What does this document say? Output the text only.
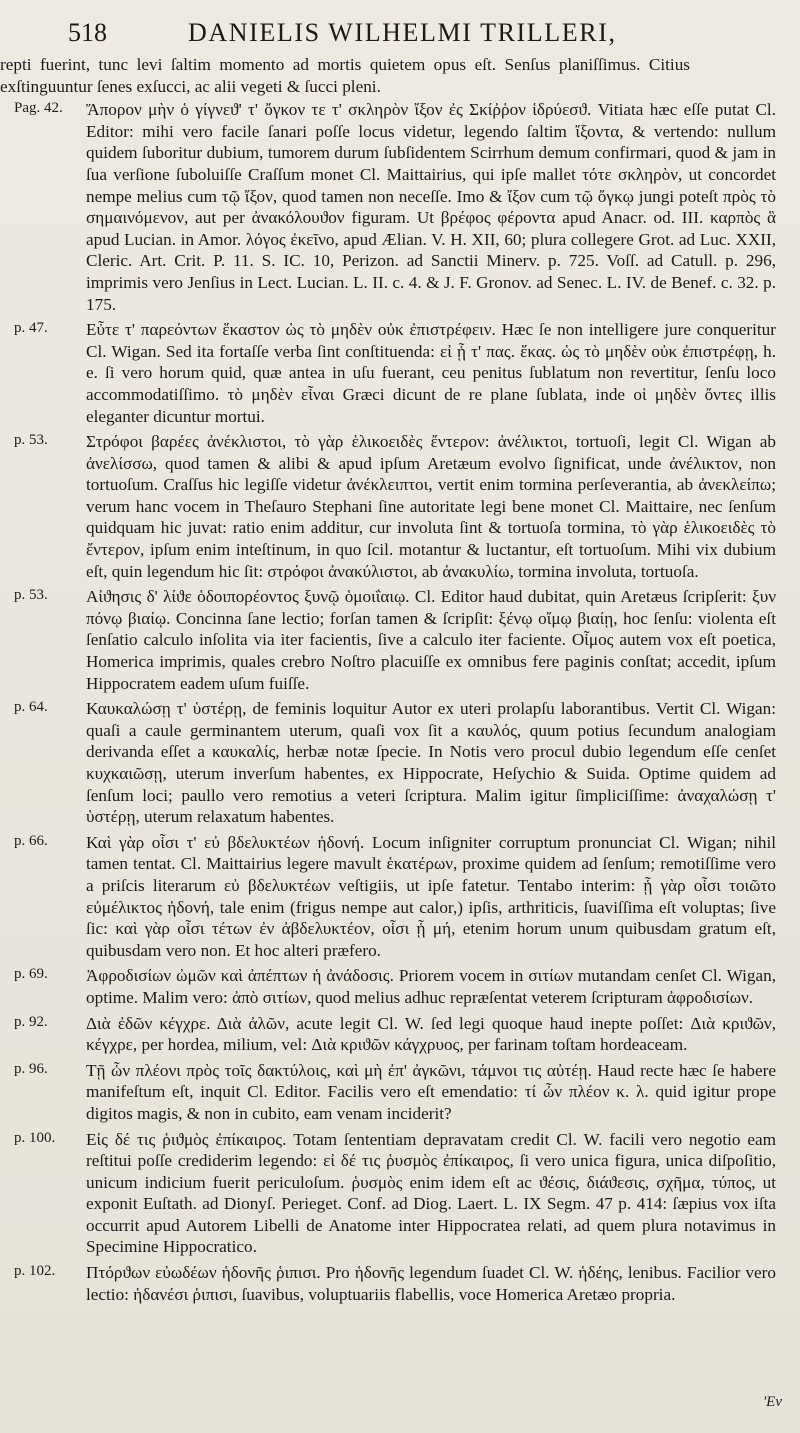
518	DANIELIS WILHELMI TRILLERI,

repti fuerint, tunc levi ſaltim momento ad mortis quietem opus eſt. Senſus planiſſimus. Citius exſtinguuntur ſenes exſucci, ac alii vegeti & ſucci pleni.

Pag. 42. Ἄπορον μὴν ὁ γίγνεϑ' τ' ὄγκον τε τ' σκληρὸν ἴξον ἐς Σκίῤῥον ἱδρύεσϑ. Vitiata hæc eſſe putat Cl. Editor: mihi vero facile ſanari poſſe locus videtur, legendo ſaltim ἴξοντα, & vertendo: nullum quidem ſuboritur dubium, tumorem durum ſubſidentem Scirrhum demum confirmari, quod & jam in ſua verſione ſuboluiſſe Craſſum monet Cl. Maittairius, qui ipſe mallet τότε σκληρὸν, ut concordet nempe melius cum τῷ ἴξον, quod tamen non neceſſe. Imo & ἴξον cum τῷ ὄγκῳ jungi poteſt πρὸς τὸ σημαινόμενον, aut per ἀνακόλουϑον figuram. Ut βρέφος φέροντα apud Anacr. od. III. καρπὸς ἃ apud Lucian. in Amor. λόγος ἐκεῖνο, apud Ælian. V. H. XII, 60; plura collegere Grot. ad Luc. XXII, Cleric. Art. Crit. P. 11. S. IC. 10, Perizon. ad Sanctii Minerv. p. 725. Voſſ. ad Catull. p. 296, imprimis vero Jenſius in Lect. Lucian. L. II. c. 4. & J. F. Gronov. ad Senec. L. IV. de Benef. c. 32. p. 175.

p. 47. Εὖτε τ' παρεόντων ἕκαστον ὡς τὸ μηδὲν οὐκ ἐπιστρέφειν. Hæc ſe non intelligere jure conqueritur Cl. Wigan. Sed ita fortaſſe verba ſint conſtituenda: εἰ ᾗ τ' πας. ἕκας. ὡς τὸ μηδὲν οὐκ ἐπιστρέφῃ, h. e. ſi vero horum quid, quæ antea in uſu fuerant, ceu penitus ſublatum non revertitur, ſenſu loco accommodatiſſimo. τὸ μηδὲν εἶναι Græci dicunt de re plane ſublata, inde οἱ μηδὲν ὄντες illis eleganter dicuntur mortui.

p. 53. Στρόφοι βαρέες ἀνέκλιστοι, τὸ γὰρ ἑλικοειδὲς ἔντερον: ἀνέλικτοι, tortuoſi, legit Cl. Wigan ab ἀνελίσσω, quod tamen & alibi & apud ipſum Aretæum evolvo ſignificat, unde ἀνέλικτον, non tortuoſum. Craſſus hic legiſſe videtur ἀνέκλειπτοι, vertit enim tormina perſeverantia, ab ἀνεκλείπω; verum hanc vocem in Theſauro Stephani ſine autoritate legi bene monet Cl. Maittaire, nec ſenſum quidquam hic juvat: ratio enim additur, cur involuta ſint & tortuoſa tormina, τὸ γὰρ ἑλικοειδὲς τὸ ἔντερον, ipſum enim inteſtinum, in quo ſcil. motantur & luctantur, eſt tortuoſum. Mihi vix dubium eſt, quin legendum hic ſit: στρόφοι ἀνακύλιστοι, ab ἀνακυλίω, tormina involuta, tortuoſa.

p. 53. Αἰϑησις δ' λίϑε ὁδοιπορέοντος ξυνῷ ὁμοιΐαιῳ. Cl. Editor haud dubitat, quin Aretæus ſcripſerit: ξυν πόνῳ βιαίῳ. Concinna ſane lectio; forſan tamen & ſcripſit: ξένῳ οἴμῳ βιαίῃ, hoc ſenſu: violenta eſt ſenſatio calculo inſolita via iter facientis, ſive a calculo iter faciente. Οἶμος autem vox eſt poetica, Homerica imprimis, quales crebro Noſtro placuiſſe ex omnibus fere paginis conſtat; accedit, ipſum Hippocratem eadem uſum fuiſſe.

p. 64. Καυκαλώσῃ τ' ὑστέρῃ, de feminis loquitur Autor ex uteri prolapſu laborantibus. Vertit Cl. Wigan: quaſi a caule germinantem uterum, quaſi vox ſit a καυλός, quum potius ſecundum analogiam derivanda eſſet a καυκαλίς, herbæ notæ ſpecie. In Notis vero procul dubio legendum eſſe cenſet κυχκαιῶσῃ, uterum inverſum habentes, ex Hippocrate, Heſychio & Suida. Optime quidem ad ſenſum loci; paullo vero remotius a veteri ſcriptura. Malim igitur ſimpliciſſime: ἀναχαλώσῃ τ' ὑστέρῃ, uterum relaxatum habentes.

p. 66. Καὶ γὰρ οἷσι τ' εὐ βδελυκτέων ἡδονή. Locum inſigniter corruptum pronunciat Cl. Wigan; nihil tamen tentat. Cl. Maittairius legere mavult ἑκατέρων, proxime quidem ad ſenſum; remotiſſime vero a priſcis literarum εὐ βδελυκτέων veſtigiis, ut ipſe fatetur. Tentabo interim: ᾗ γὰρ οἷσι τοιῶτο εὐμέλικτος ἡδονή, tale enim (frigus nempe aut calor,) ipſis, arthriticis, ſuaviſſima eſt voluptas; ſive ſic: καὶ γὰρ οἷσι τέτων ἐν ἀβδελυκτέον, οἷσι ᾗ μή, etenim horum unum quibusdam gratum eſt, quibusdam vero non. Et hoc alteri præfero.

p. 69. Ἀφροδισίων ὠμῶν καὶ ἀπέπτων ἡ ἀνάδοσις. Priorem vocem in σιτίων mutandam cenſet Cl. Wigan, optime. Malim vero: ἀπὸ σιτίων, quod melius adhuc repræſentat veterem ſcripturam ἀφροδισίων.

p. 92. Διὰ ἐδῶν κέγχρε. Διὰ ἀλῶν, acute legit Cl. W. ſed legi quoque haud inepte poſſet: Διὰ κριϑῶν, κέγχρε, per hordea, milium, vel: Διὰ κριϑῶν κάγχρυος, per farinam toſtam hordeaceam.

p. 96. Τῇ ὧν πλέονι πρὸς τοῖς δακτύλοις, καὶ μὴ ἐπ' ἀγκῶνι, τάμνοι τις αὐτέῃ. Haud recte hæc ſe habere manifeſtum eſt, inquit Cl. Editor. Facilis vero eſt emendatio: τί ὦν πλέον κ. λ. quid igitur prope digitos magis, & non in cubito, eam venam inciderit?

p. 100. Εἰς δέ τις ῥιϑμὸς ἐπίκαιρος. Totam ſententiam depravatam credit Cl. W. facili vero negotio eam reſtitui poſſe crediderim legendo: εἰ δέ τις ῥυσμὸς ἐπίκαιρος, ſi vero unica figura, unica diſpoſitio, unicum indicium fuerit periculoſum. ῥυσμὸς enim idem eſt ac ϑέσις, διάϑεσις, σχῆμα, τύπος, ut exponit Euſtath. ad Dionyſ. Perieget. Conf. ad Diog. Laert. L. IX Segm. 47 p. 414: ſæpius vox iſta occurrit apud Autorem Libelli de Anatome inter Hippocratea relati, ad quem plura notavimus in Specimine Hippocratico.

p. 102. Πτόρϑων εὐωδέων ἡδονῆς ῥιπισι. Pro ἡδονῆς legendum ſuadet Cl. W. ἡδέης, lenibus. Facilior vero lectio: ἡδανέσι ῥιπισι, ſuavibus, voluptuariis flabellis, voce Homerica Aretæo propria.

'Ev
